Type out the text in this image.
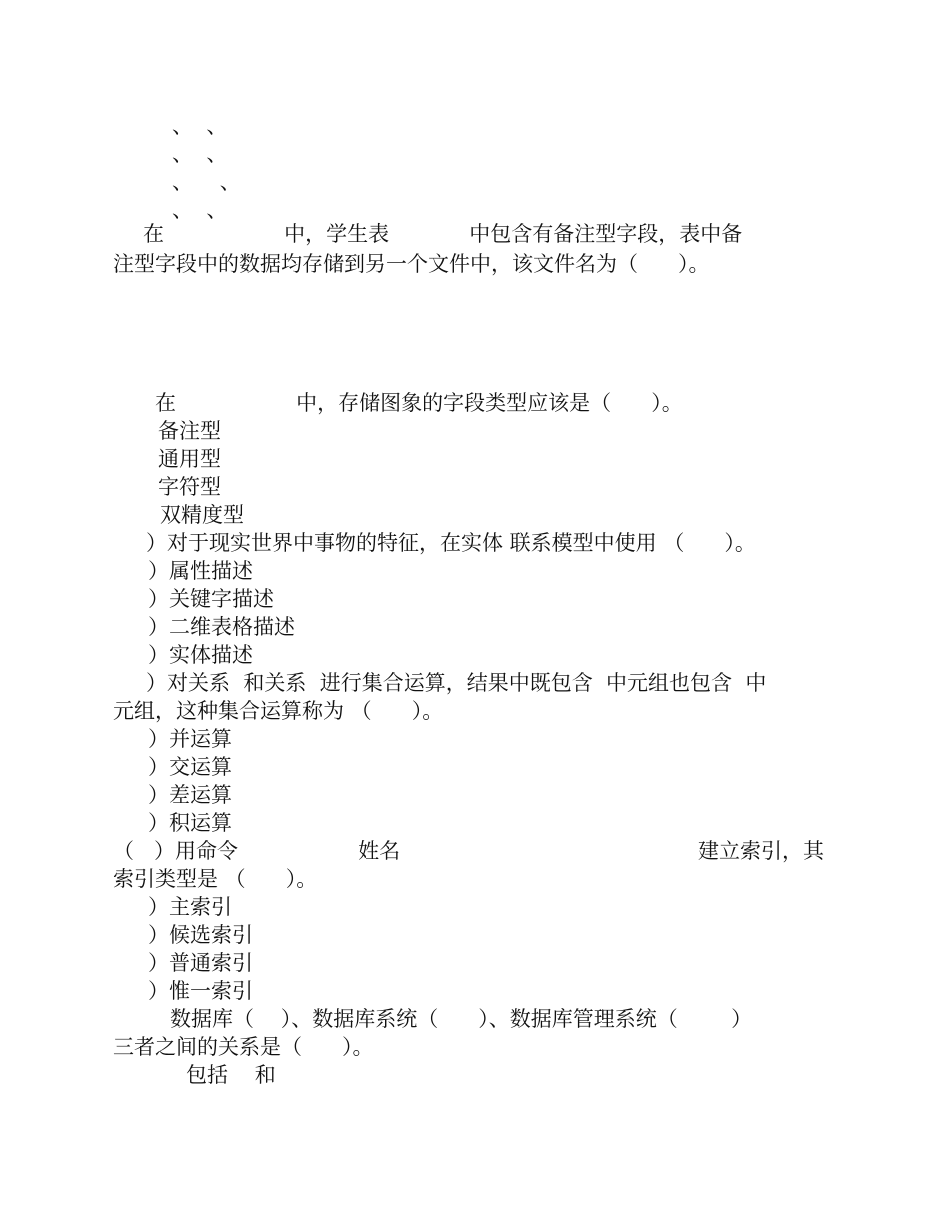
、  、
、  、
、    、
、  、
在                  中，学生表            中包含有备注型字段，表中备
注型字段中的数据均存储到另一个文件中，该文件名为（      ）。
在                  中，存储图象的字段类型应该是（      ）。
备注型
通用型
字符型
双精度型
）对于现实世界中事物的特征，在实体 联系模型中使用 （      ）。
）属性描述
）关键字描述
）二维表格描述
）实体描述
）对关系  和关系  进行集合运算，结果中既包含  中元组也包含  中
元组，这种集合运算称为 （      ）。
）并运算
）交运算
）差运算
）积运算
（   ）用命令                  姓名	建立索引，其
索引类型是 （      ）。
）主索引
）候选索引
）普通索引
）惟一索引
数据库（    ）、数据库系统（      ）、数据库管理系统（        ）
三者之间的关系是（      ）。
包括    和
